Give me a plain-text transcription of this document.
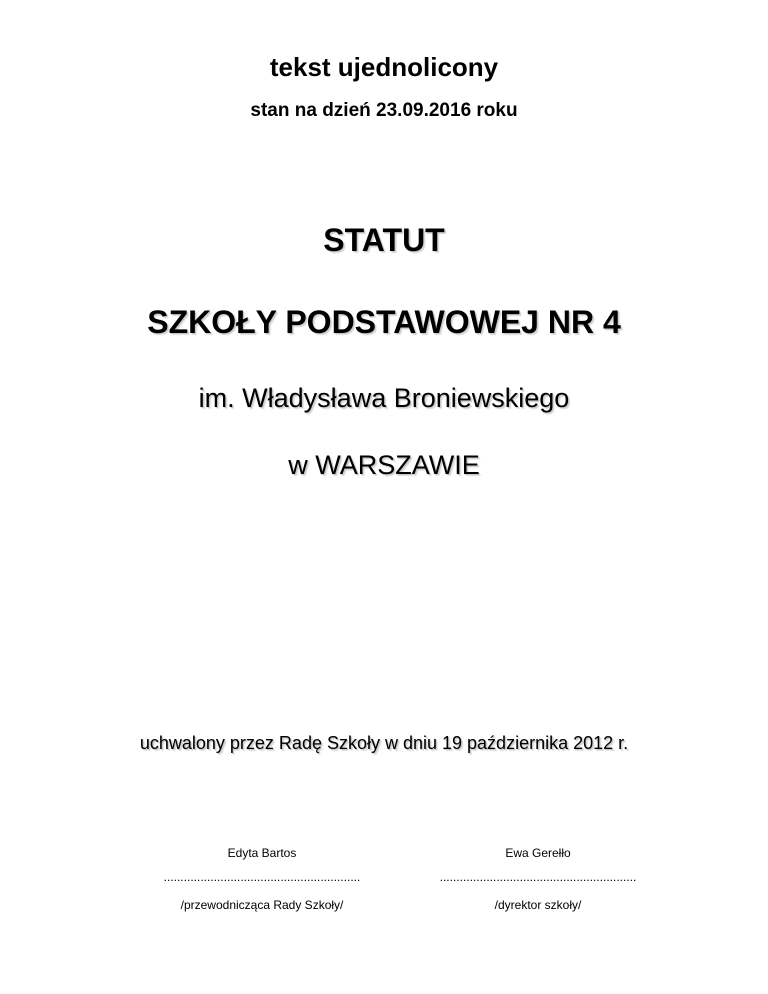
tekst ujednolicony
stan na dzień 23.09.2016 roku
STATUT
SZKOŁY PODSTAWOWEJ NR 4
im. Władysława Broniewskiego
w WARSZAWIE
uchwalony przez Radę Szkoły w dniu 19 października 2012 r.
Edyta Bartos
...........................................................
/przewodnicząca Rady Szkoły/
Ewa Gerełło
...........................................................
/dyrektor szkoły/
